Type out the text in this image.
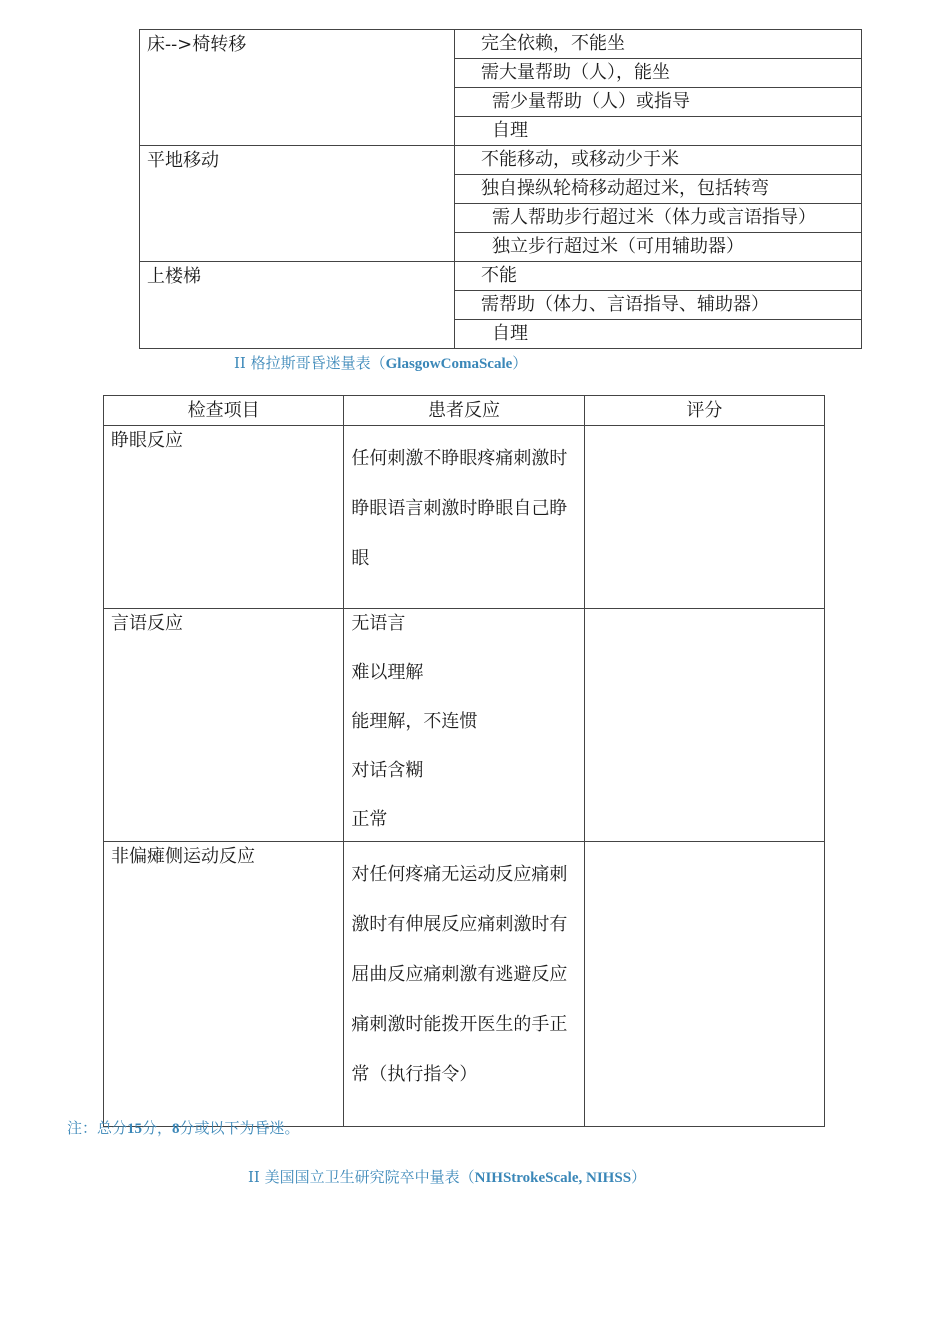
床-->椅转移	完全依赖，不能坐
	需大量帮助（人），能坐
	需少量帮助（人）或指导
	自理
平地移动	不能移动，或移动少于米
	独自操纵轮椅移动超过米，包括转弯
	需人帮助步行超过米（体力或言语指导）
	独立步行超过米（可用辅助器）
上楼梯	不能
	需帮助（体力、言语指导、辅助器）
	自理
II 格拉斯哥昏迷量表（GlasgowComaScale）
检查项目	患者反应	评分
睁眼反应	任何刺激不睁眼疼痛刺激时睁眼语言刺激时睁眼自己睁眼	

言语反应	无语言
难以理解
能理解，不连惯
对话含糊
正常	

非偏瘫侧运动反应	对任何疼痛无运动反应痛刺激时有伸展反应痛刺激时有屈曲反应痛刺激有逃避反应痛刺激时能拨开医生的手正常（执行指令）	

注：总分15分，8分或以下为昏迷。
II 美国国立卫生研究院卒中量表（NIHStrokeScale, NIHSS）
